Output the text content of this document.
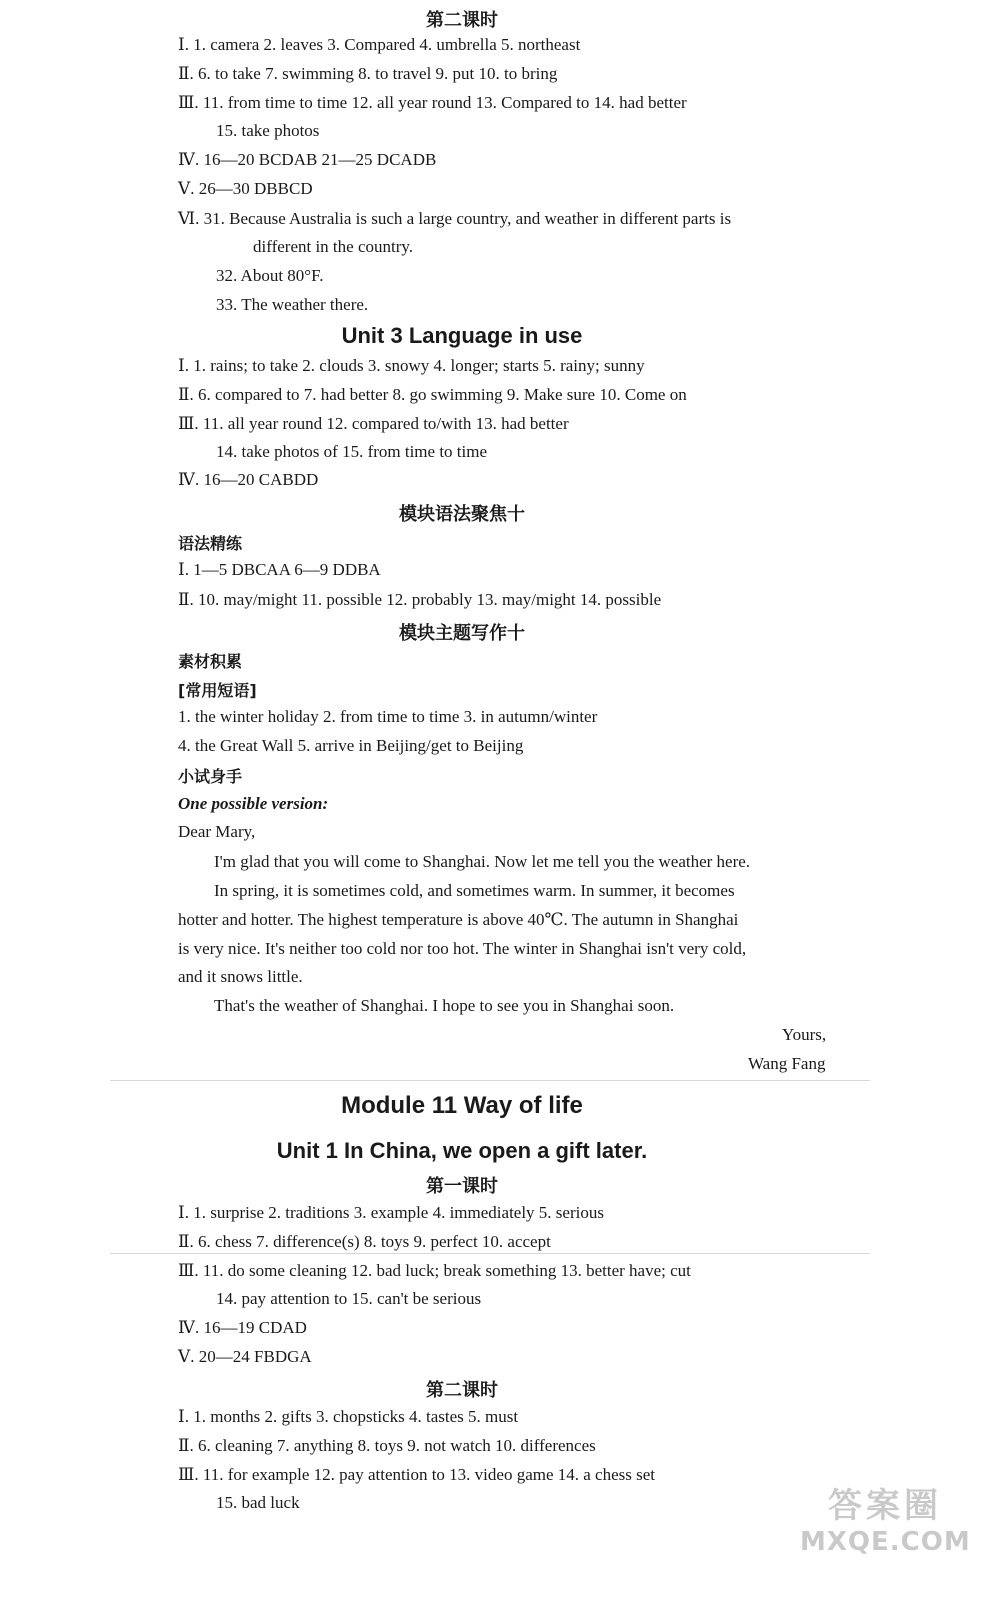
第二课时
Ⅰ. 1. camera 2. leaves 3. Compared 4. umbrella 5. northeast
Ⅱ. 6. to take 7. swimming 8. to travel 9. put 10. to bring
Ⅲ. 11. from time to time 12. all year round 13. Compared to 14. had better
15. take photos
Ⅳ. 16—20 BCDAB 21—25 DCADB
Ⅴ. 26—30 DBBCD
Ⅵ. 31. Because Australia is such a large country, and weather in different parts is
different in the country.
32. About 80°F.
33. The weather there.
Unit 3 Language in use
Ⅰ. 1. rains; to take 2. clouds 3. snowy 4. longer; starts 5. rainy; sunny
Ⅱ. 6. compared to 7. had better 8. go swimming 9. Make sure 10. Come on
Ⅲ. 11. all year round 12. compared to/with 13. had better
14. take photos of 15. from time to time
Ⅳ. 16—20 CABDD
模块语法聚焦十
语法精练
Ⅰ. 1—5 DBCAA 6—9 DDBA
Ⅱ. 10. may/might 11. possible 12. probably 13. may/might 14. possible
模块主题写作十
素材积累
[常用短语]
1. the winter holiday 2. from time to time 3. in autumn/winter
4. the Great Wall 5. arrive in Beijing/get to Beijing
小试身手
One possible version:
Dear Mary,
I'm glad that you will come to Shanghai. Now let me tell you the weather here.
In spring, it is sometimes cold, and sometimes warm. In summer, it becomes
hotter and hotter. The highest temperature is above 40℃. The autumn in Shanghai
is very nice. It's neither too cold nor too hot. The winter in Shanghai isn't very cold,
and it snows little.
That's the weather of Shanghai. I hope to see you in Shanghai soon.
Yours,
Wang Fang
Module 11 Way of life
Unit 1 In China, we open a gift later.
第一课时
Ⅰ. 1. surprise 2. traditions 3. example 4. immediately 5. serious
Ⅱ. 6. chess 7. difference(s) 8. toys 9. perfect 10. accept
Ⅲ. 11. do some cleaning 12. bad luck; break something 13. better have; cut
14. pay attention to 15. can't be serious
Ⅳ. 16—19 CDAD
Ⅴ. 20—24 FBDGA
第二课时
Ⅰ. 1. months 2. gifts 3. chopsticks 4. tastes 5. must
Ⅱ. 6. cleaning 7. anything 8. toys 9. not watch 10. differences
Ⅲ. 11. for example 12. pay attention to 13. video game 14. a chess set
15. bad luck	答案圈
MXQE.COM
